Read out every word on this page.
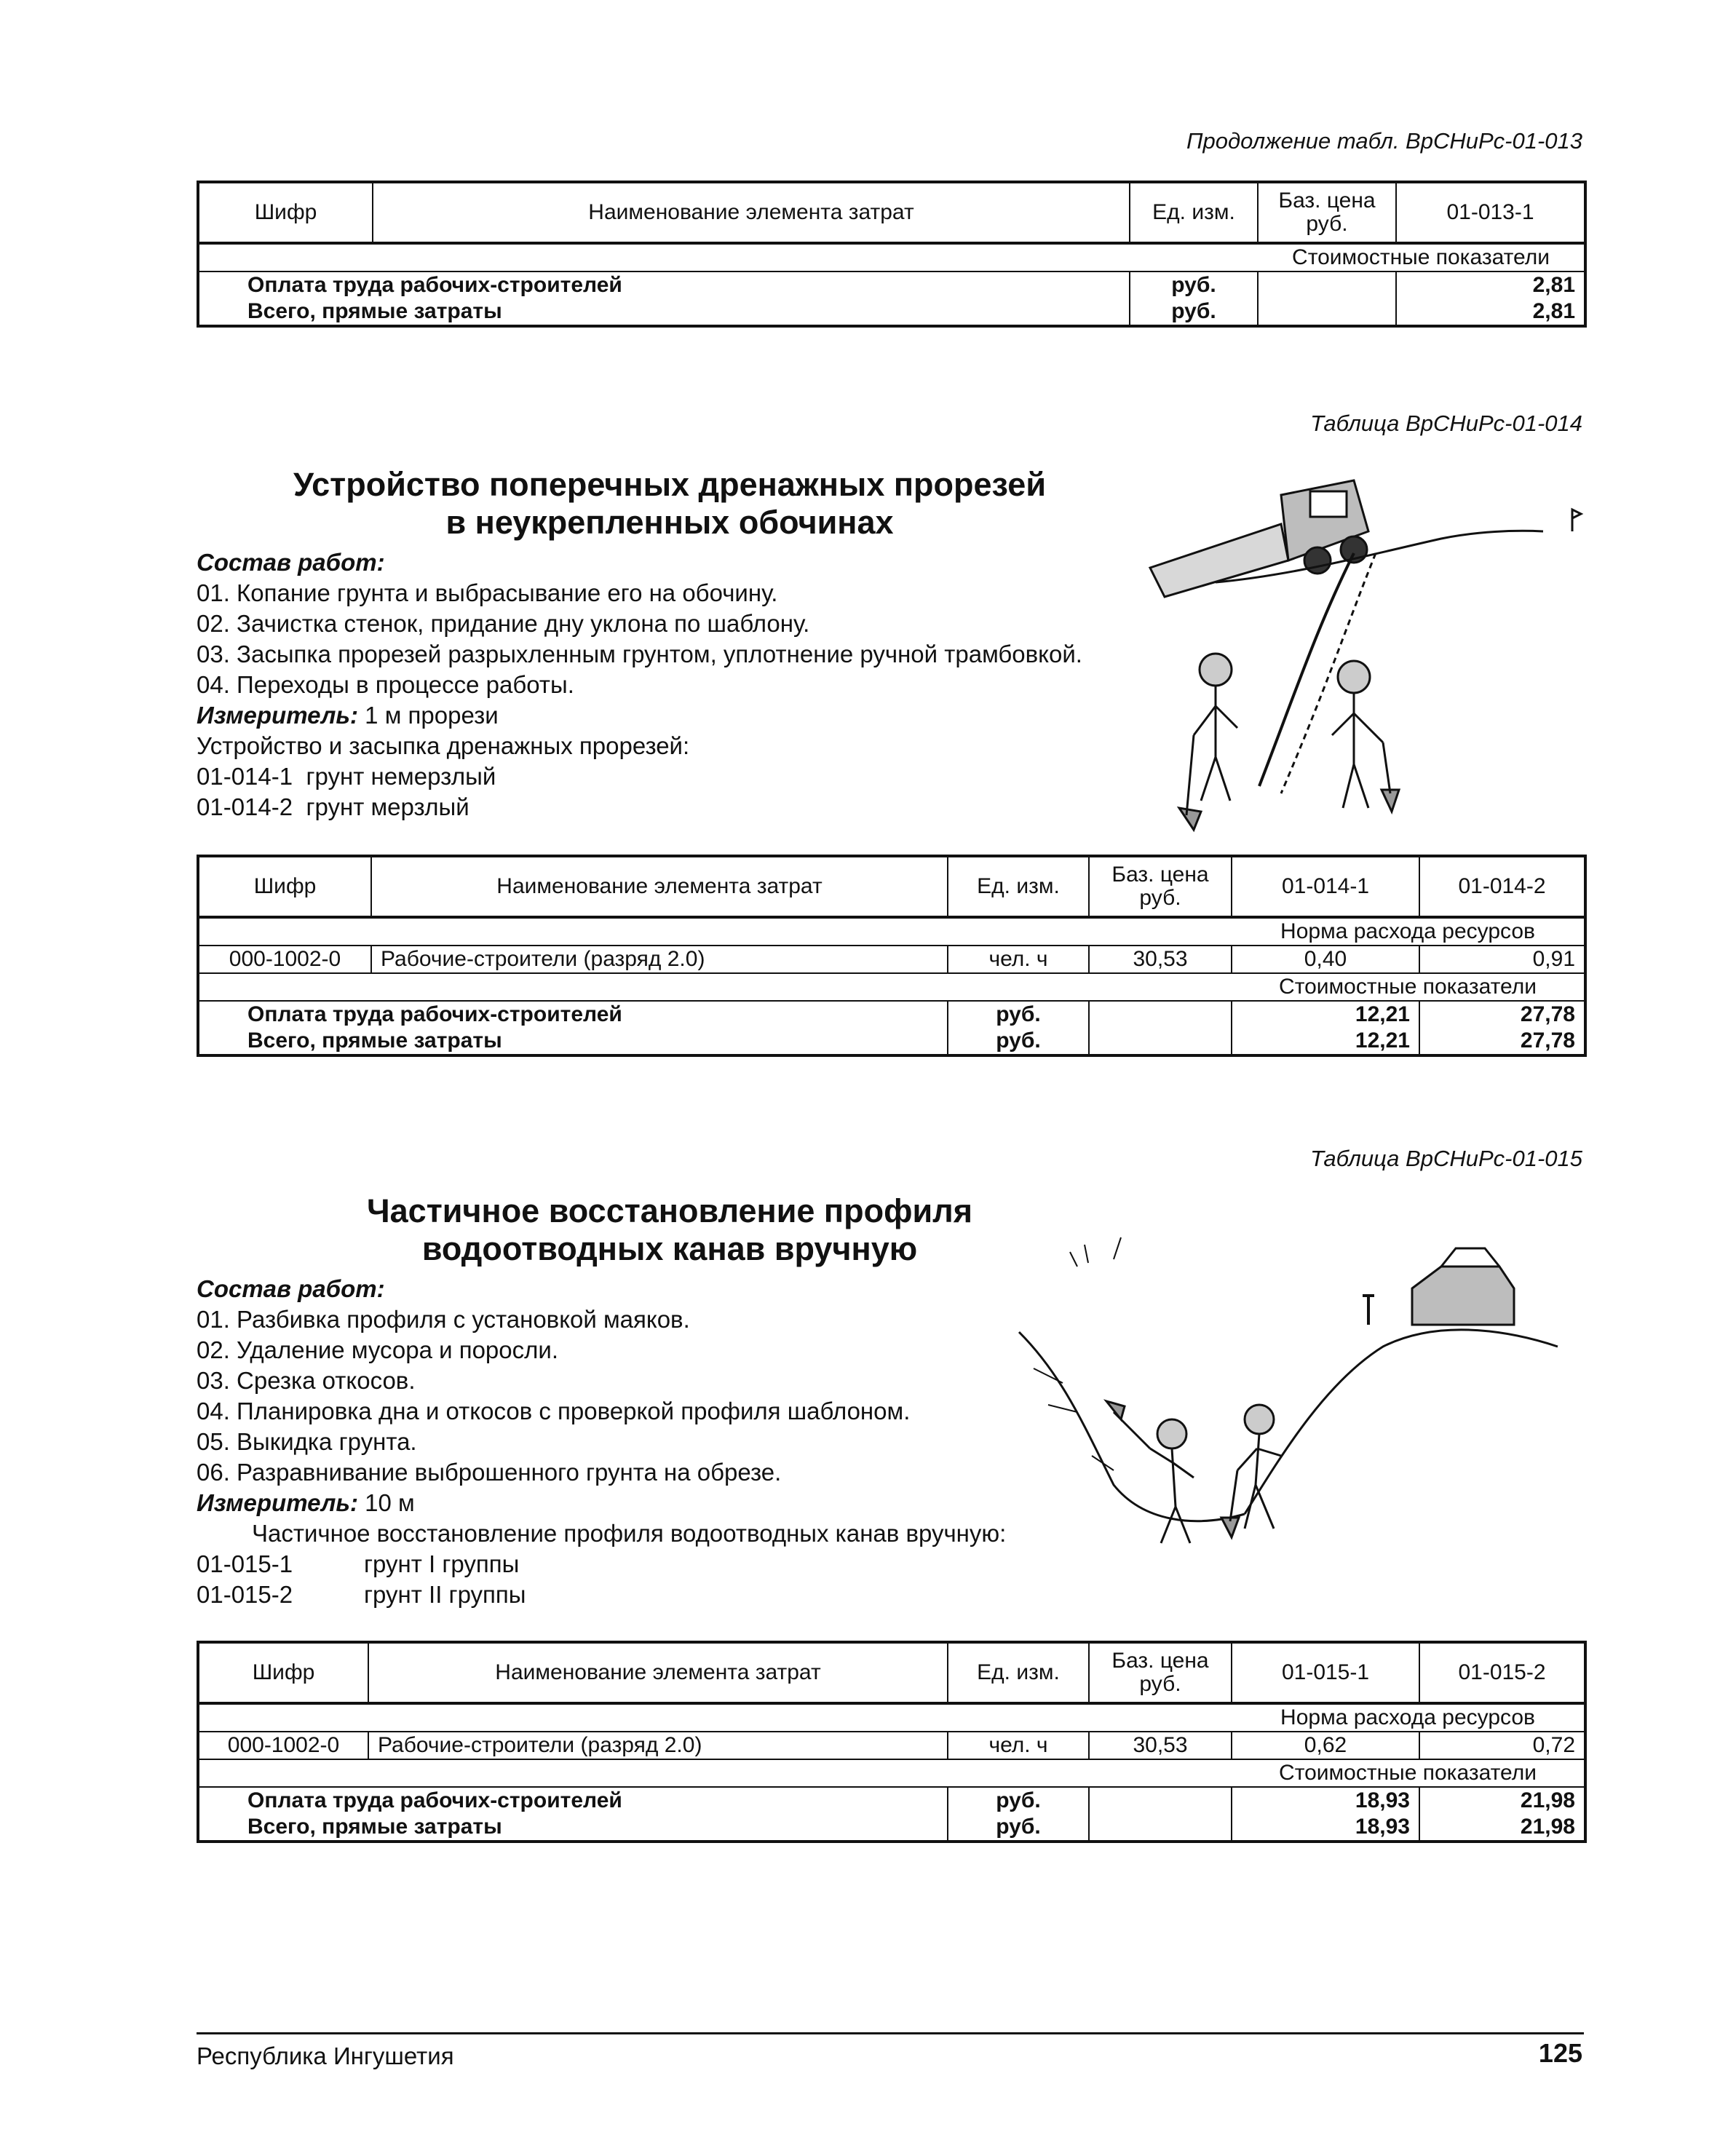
Продолжение табл. ВрСНиРс-01-013
Шифр	Наименование элемента затрат	Ед. изм.	Баз. цена руб.	01-013-1
			Стоимостные показатели	
Оплата труда рабочих-строителей		руб.		2,81
Всего, прямые затраты		руб.		2,81
Таблица ВрСНиРс-01-014
Устройство поперечных дренажных прорезей
в неукрепленных обочинах
Состав работ:
01. Копание грунта и выбрасывание его на обочину.
02. Зачистка стенок, придание дну уклона по шаблону.
03. Засыпка прорезей разрыхленным грунтом, уплотнение ручной трамбовкой.
04. Переходы в процессе работы.
Измеритель: 1 м прорези
Устройство и засыпка дренажных прорезей:
01-014-1 грунт немерзлый
01-014-2 грунт мерзлый
Шифр	Наименование элемента затрат	Ед. изм.	Баз. цена руб.	01-014-1	01-014-2
				Норма расхода ресурсов	
000-1002-0	Рабочие-строители (разряд 2.0)	чел. ч	30,53	0,40	0,91
				Стоимостные показатели	
Оплата труда рабочих-строителей		руб.		12,21	27,78
Всего, прямые затраты		руб.		12,21	27,78
Таблица ВрСНиРс-01-015
Частичное восстановление профиля
водоотводных канав вручную
Состав работ:
01. Разбивка профиля с установкой маяков.
02. Удаление мусора и поросли.
03. Срезка откосов.
04. Планировка дна и откосов с проверкой профиля шаблоном.
05. Выкидка грунта.
06. Разравнивание выброшенного грунта на обрезе.
Измеритель: 10 м
Частичное восстановление профиля водоотводных канав вручную:
01-015-1	грунт I группы
01-015-2	грунт II группы
Шифр	Наименование элемента затрат	Ед. изм.	Баз. цена руб.	01-015-1	01-015-2
				Норма расхода ресурсов	
000-1002-0	Рабочие-строители (разряд 2.0)	чел. ч	30,53	0,62	0,72
				Стоимостные показатели	
Оплата труда рабочих-строителей		руб.		18,93	21,98
Всего, прямые затраты		руб.		18,93	21,98
Республика Ингушетия	125
